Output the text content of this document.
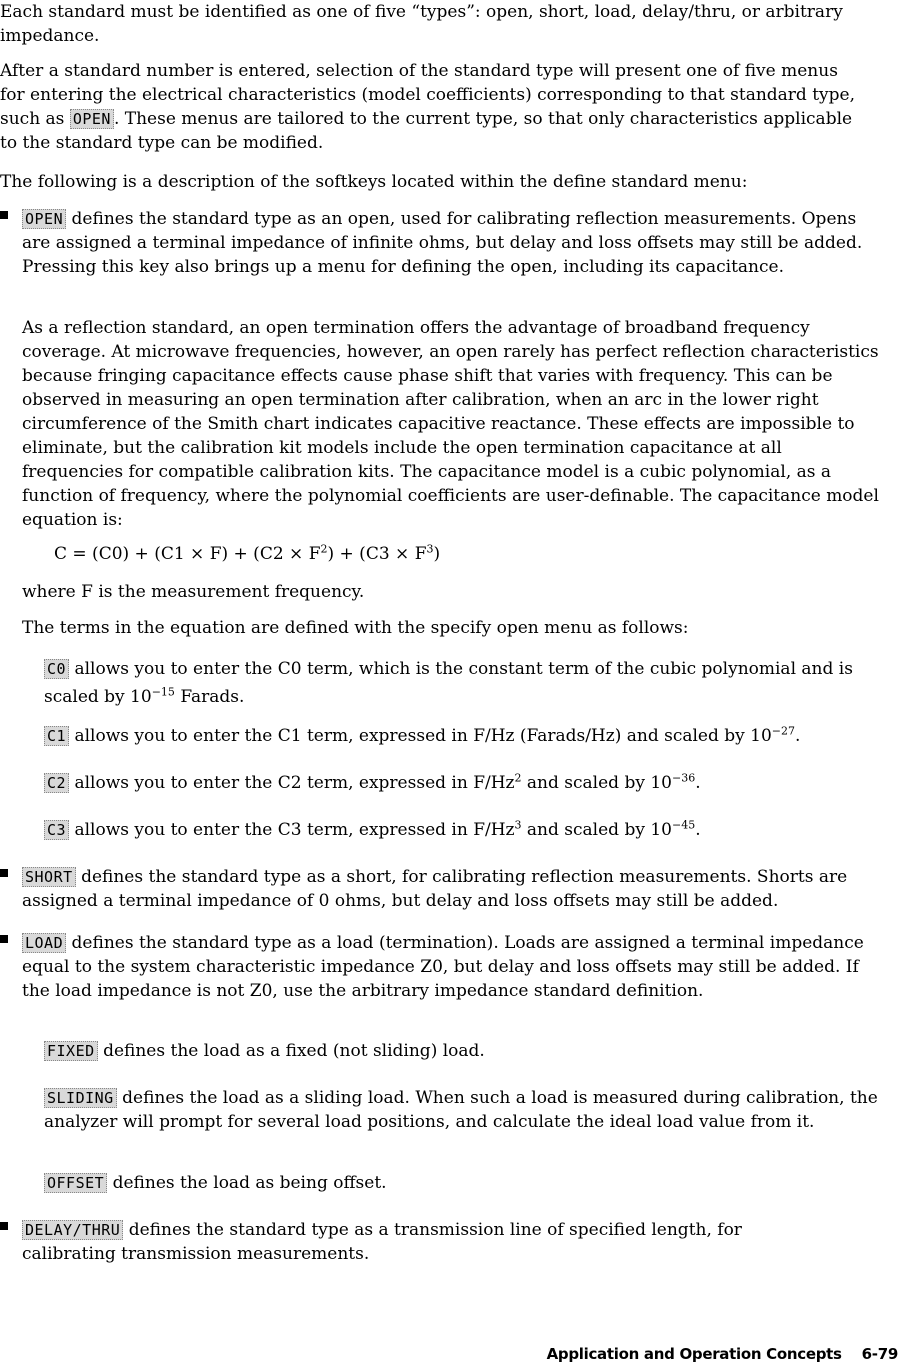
Each standard must be identified as one of five “types”: open, short, load, delay/thru, or arbitrary impedance.

After a standard number is entered, selection of the standard type will present one of five menus for entering the electrical characteristics (model coefficients) corresponding to that standard type, such as OPEN . These menus are tailored to the current type, so that only characteristics applicable to the standard type can be modified.

The following is a description of the softkeys located within the define standard menu:

OPEN defines the standard type as an open, used for calibrating reflection measurements. Opens are assigned a terminal impedance of infinite ohms, but delay and loss offsets may still be added. Pressing this key also brings up a menu for defining the open, including its capacitance.

As a reflection standard, an open termination offers the advantage of broadband frequency coverage. At microwave frequencies, however, an open rarely has perfect reflection characteristics because fringing capacitance effects cause phase shift that varies with frequency. This can be observed in measuring an open termination after calibration, when an arc in the lower right circumference of the Smith chart indicates capacitive reactance. These effects are impossible to eliminate, but the calibration kit models include the open termination capacitance at all frequencies for compatible calibration kits. The capacitance model is a cubic polynomial, as a function of frequency, where the polynomial coefficients are user-definable. The capacitance model equation is:

$C = (C0) + (C1 \times F) + (C2 \times F^2) + (C3 \times F^3)$

where F is the measurement frequency.

The terms in the equation are defined with the specify open menu as follows:

C0 allows you to enter the C0 term, which is the constant term of the cubic polynomial and is scaled by $10^{-15}$ Farads.

C1 allows you to enter the C1 term, expressed in F/Hz (Farads/Hz) and scaled by $10^{-27}$.

C2 allows you to enter the C2 term, expressed in F/Hz$^2$ and scaled by $10^{-36}$.

C3 allows you to enter the C3 term, expressed in F/Hz$^3$ and scaled by $10^{-45}$.

SHORT defines the standard type as a short, for calibrating reflection measurements. Shorts are assigned a terminal impedance of 0 ohms, but delay and loss offsets may still be added.

LOAD defines the standard type as a load (termination). Loads are assigned a terminal impedance equal to the system characteristic impedance Z0, but delay and loss offsets may still be added. If the load impedance is not Z0, use the arbitrary impedance standard definition.

FIXED defines the load as a fixed (not sliding) load.

SLIDING defines the load as a sliding load. When such a load is measured during calibration, the analyzer will prompt for several load positions, and calculate the ideal load value from it.

OFFSET defines the load as being offset.

DELAY/THRU defines the standard type as a transmission line of specified length, for calibrating transmission measurements.

Application and Operation Concepts 6-79
